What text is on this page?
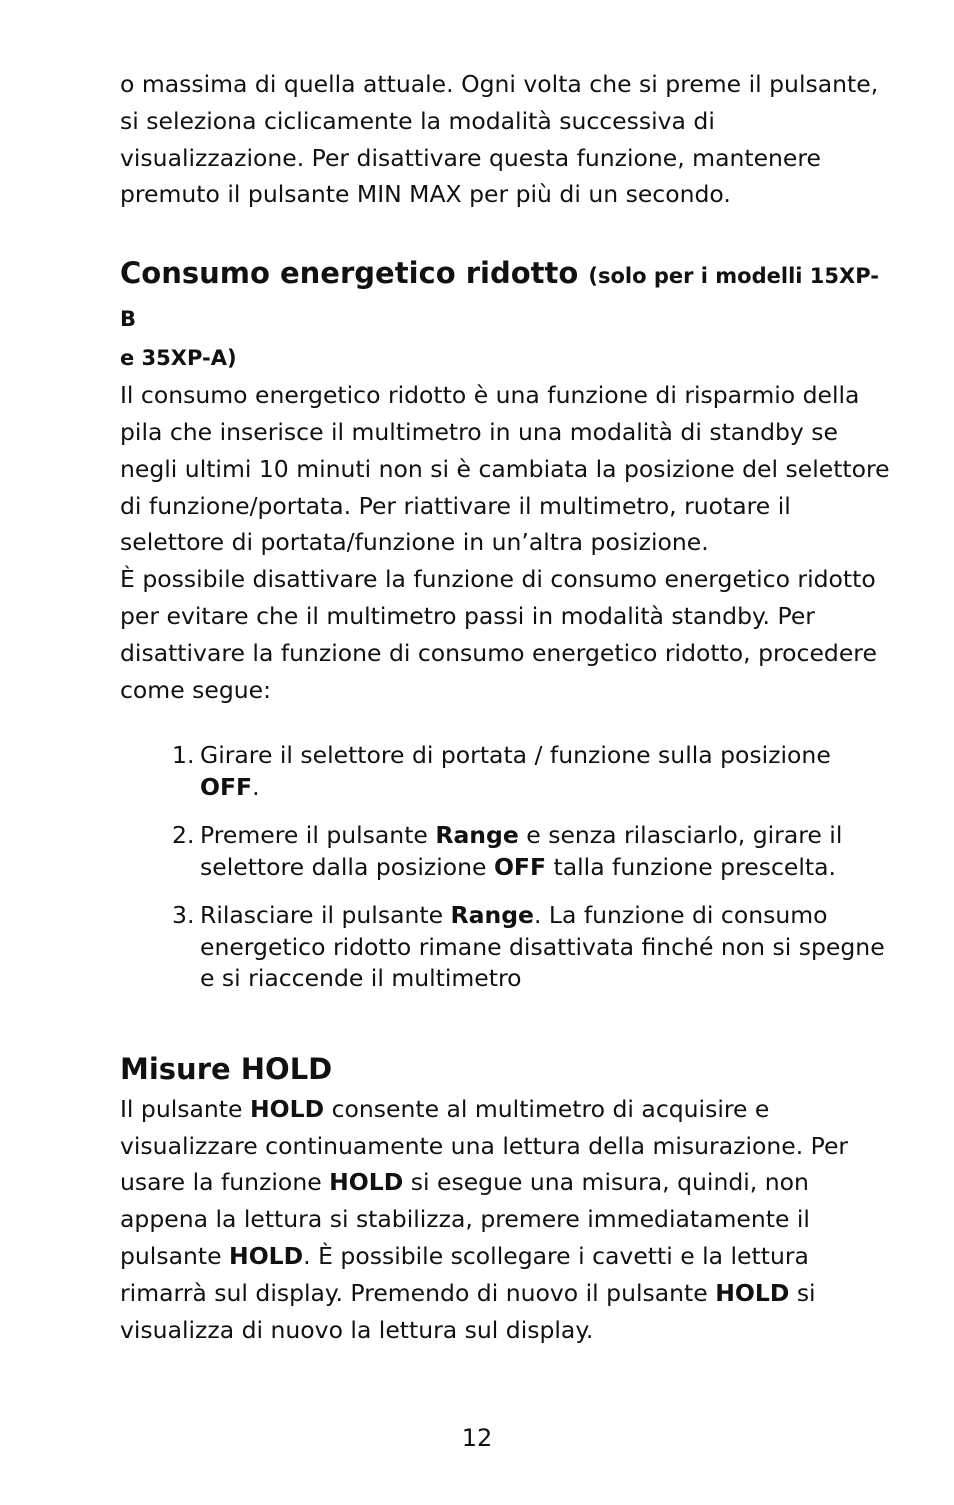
o massima di quella attuale. Ogni volta che si preme il pulsante, si seleziona ciclicamente la modalità successiva di visualizzazione. Per disattivare questa funzione, mantenere premuto il pulsante MIN MAX per più di un secondo.

Consumo energetico ridotto (solo per i modelli 15XP-B

e 35XP-A)

Il consumo energetico ridotto è una funzione di risparmio della pila che inserisce il multimetro in una modalità di standby se negli ultimi 10 minuti non si è cambiata la posizione del selettore di funzione/portata. Per riattivare il multimetro, ruotare il selettore di portata/funzione in un’altra posizione.

È possibile disattivare la funzione di consumo energetico ridotto per evitare che il multimetro passi in modalità standby. Per disattivare la funzione di consumo energetico ridotto, procedere come segue:

1. Girare il selettore di portata / funzione sulla posizione OFF.
2. Premere il pulsante Range e senza rilasciarlo, girare il selettore dalla posizione OFF talla funzione prescelta.
3. Rilasciare il pulsante Range. La funzione di consumo energetico ridotto rimane disattivata finché non si spegne e si riaccende il multimetro
Misure HOLD

Il pulsante HOLD consente al multimetro di acquisire e visualizzare continuamente una lettura della misurazione. Per usare la funzione HOLD si esegue una misura, quindi, non appena la lettura si stabilizza, premere immediatamente il pulsante HOLD. È possibile scollegare i cavetti e la lettura rimarrà sul display. Premendo di nuovo il pulsante HOLD si visualizza di nuovo la lettura sul display.

12
